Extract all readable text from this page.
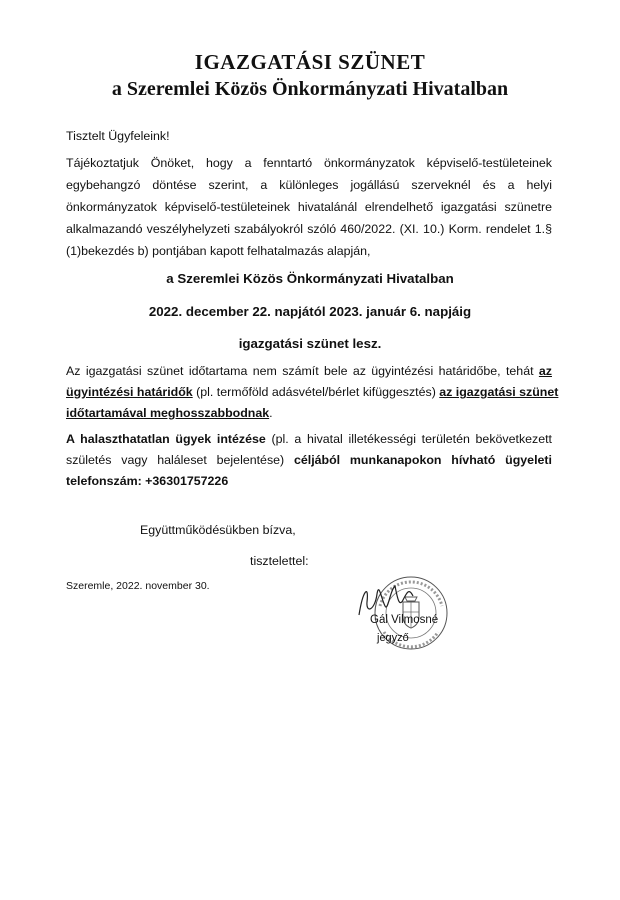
IGAZGATÁSI SZÜNET
a Szeremlei Közös Önkormányzati Hivatalban
Tisztelt Ügyfeleink!
Tájékoztatjuk Önöket, hogy a fenntartó önkormányzatok képviselő-testületeinek
egybehangzó döntése szerint, a különleges jogállású szerveknél és a helyi
önkormányzatok képviselő-testületeinek hivatalánál elrendelhető igazgatási szünetre
alkalmazandó veszélyhelyzeti szabályokról szóló 460/2022. (XI. 10.) Korm. rendelet 1.§
(1)bekezdés b) pontjában kapott felhatalmazás alapján,
a Szeremlei Közös Önkormányzati Hivatalban
2022. december 22. napjától 2023. január 6. napjáig
igazgatási szünet lesz.
Az igazgatási szünet időtartama nem számít bele az ügyintézési határidőbe, tehát az
ügyintézési határidők (pl. termőföld adásvétel/bérlet kifüggesztés) az igazgatási szünet
időtartamával meghosszabbodnak.
A halaszthatatlan ügyek intézése (pl. a hivatal illetékességi területén bekövetkezett
születés vagy haláleset bejelentése) céljából munkanapokon hívható ügyeleti
telefonszám: +36301757226
Együttműködésükben bízva,
tisztelettel:
Szeremle, 2022. november 30.
Gál Vilmosné
jegyző
